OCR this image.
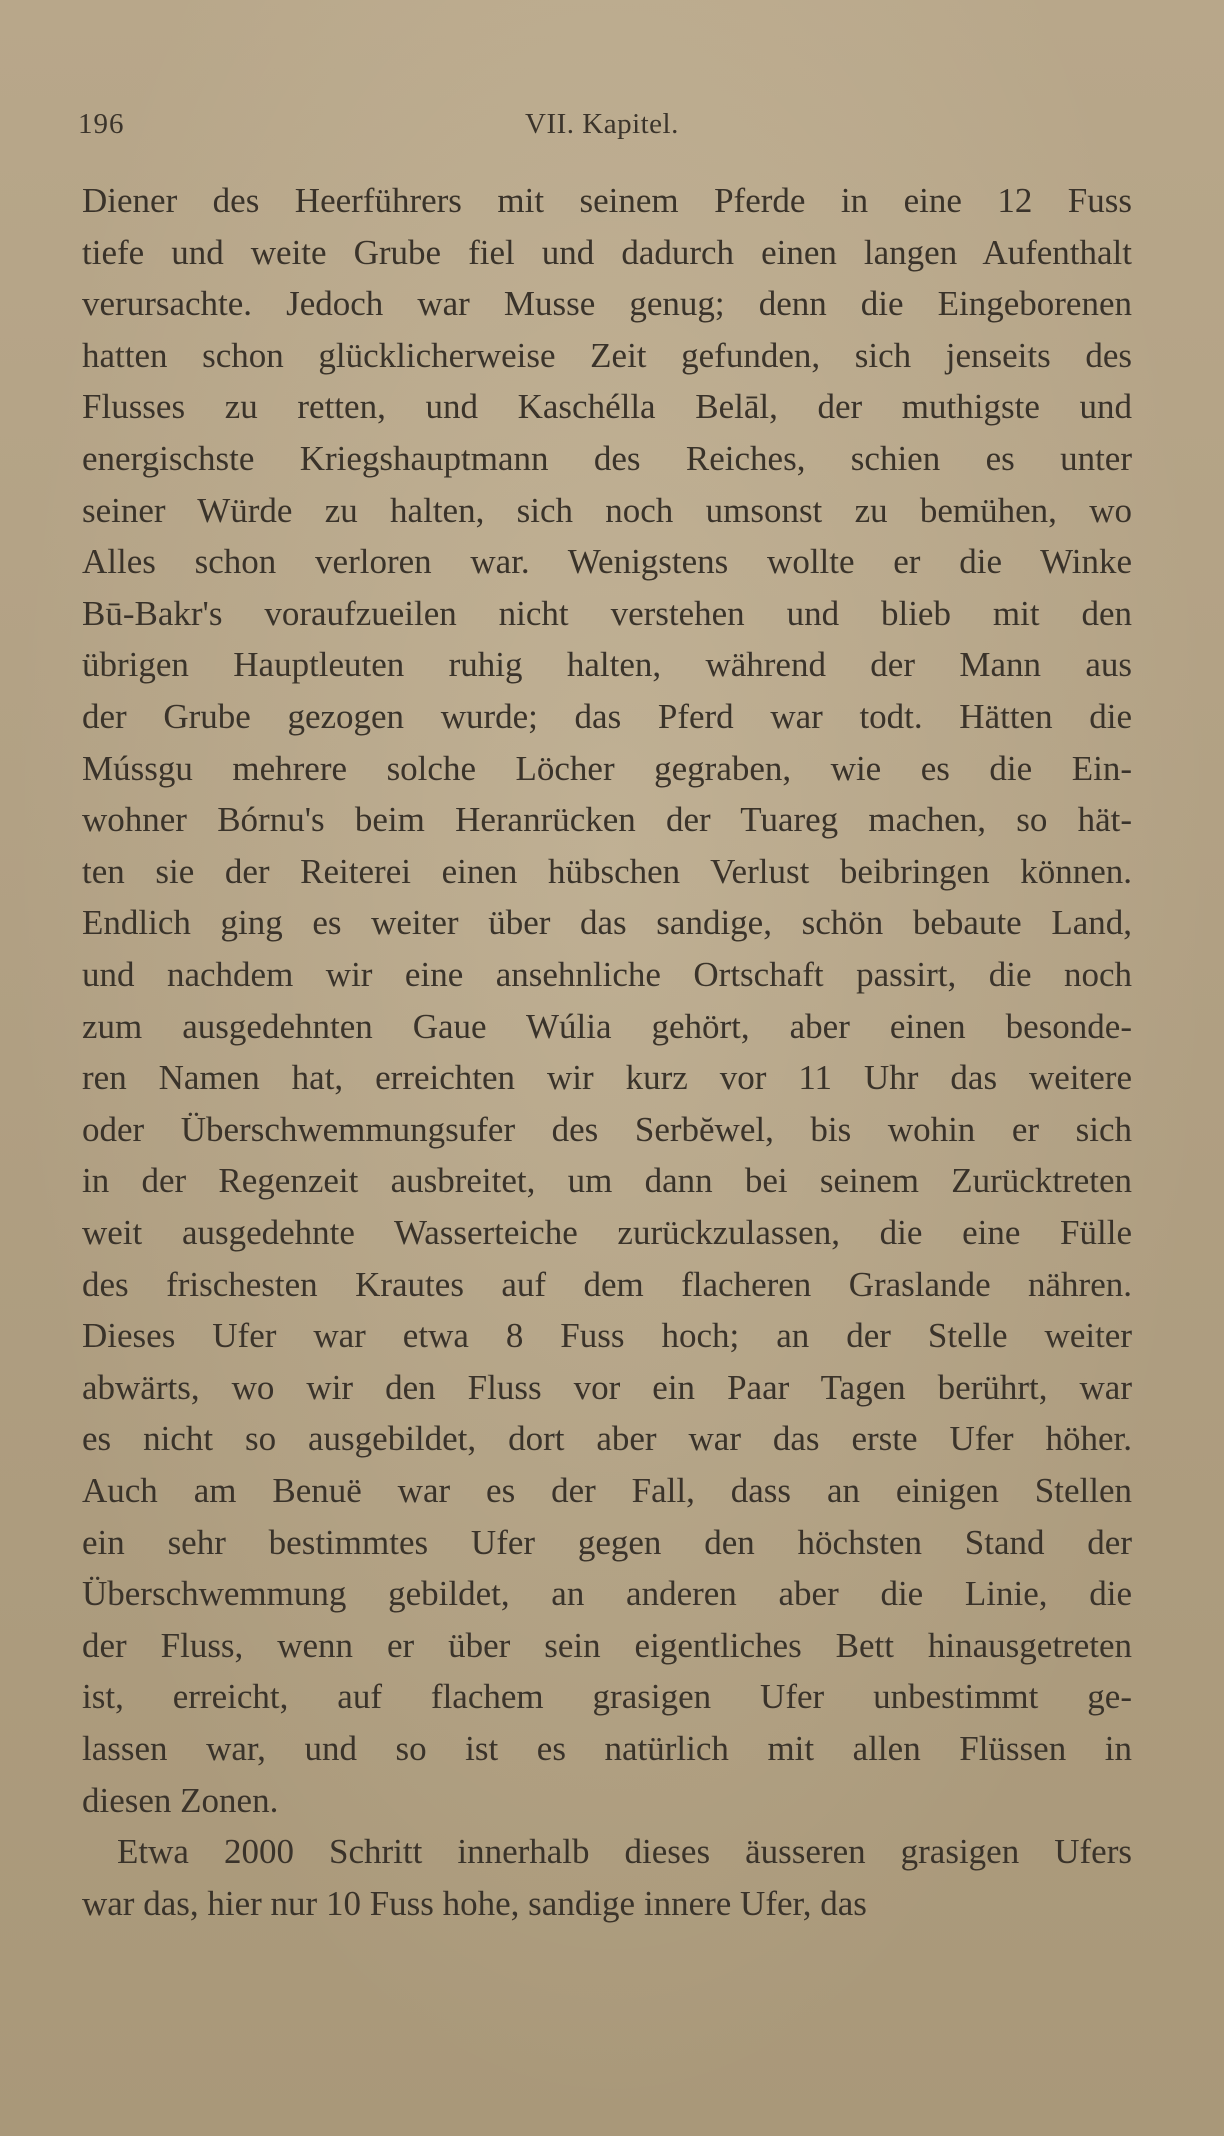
196	VII. Kapitel.
Diener des Heerführers mit seinem Pferde in eine 12 Fuss
tiefe und weite Grube fiel und dadurch einen langen Aufenthalt
verursachte. Jedoch war Musse genug; denn die Eingeborenen
hatten schon glücklicherweise Zeit gefunden, sich jenseits des
Flusses zu retten, und Kaschélla Belāl, der muthigste und
energischste Kriegshauptmann des Reiches, schien es unter
seiner Würde zu halten, sich noch umsonst zu bemühen, wo
Alles schon verloren war. Wenigstens wollte er die Winke
Bū-Bakr's voraufzueilen nicht verstehen und blieb mit den
übrigen Hauptleuten ruhig halten, während der Mann aus
der Grube gezogen wurde; das Pferd war todt. Hätten die
Mússgu mehrere solche Löcher gegraben, wie es die Ein-
wohner Bórnu's beim Heranrücken der Tuareg machen, so hät-
ten sie der Reiterei einen hübschen Verlust beibringen können.
Endlich ging es weiter über das sandige, schön bebaute Land,
und nachdem wir eine ansehnliche Ortschaft passirt, die noch
zum ausgedehnten Gaue Wúlia gehört, aber einen besonde-
ren Namen hat, erreichten wir kurz vor 11 Uhr das weitere
oder Überschwemmungsufer des Serbĕwel, bis wohin er sich
in der Regenzeit ausbreitet, um dann bei seinem Zurücktreten
weit ausgedehnte Wasserteiche zurückzulassen, die eine Fülle
des frischesten Krautes auf dem flacheren Graslande nähren.
Dieses Ufer war etwa 8 Fuss hoch; an der Stelle weiter
abwärts, wo wir den Fluss vor ein Paar Tagen berührt, war
es nicht so ausgebildet, dort aber war das erste Ufer höher.
Auch am Benuë war es der Fall, dass an einigen Stellen
ein sehr bestimmtes Ufer gegen den höchsten Stand der
Überschwemmung gebildet, an anderen aber die Linie, die
der Fluss, wenn er über sein eigentliches Bett hinausgetreten
ist, erreicht, auf flachem grasigen Ufer unbestimmt ge-
lassen war, und so ist es natürlich mit allen Flüssen in
diesen Zonen.
Etwa 2000 Schritt innerhalb dieses äusseren grasigen Ufers
war das, hier nur 10 Fuss hohe, sandige innere Ufer, das
